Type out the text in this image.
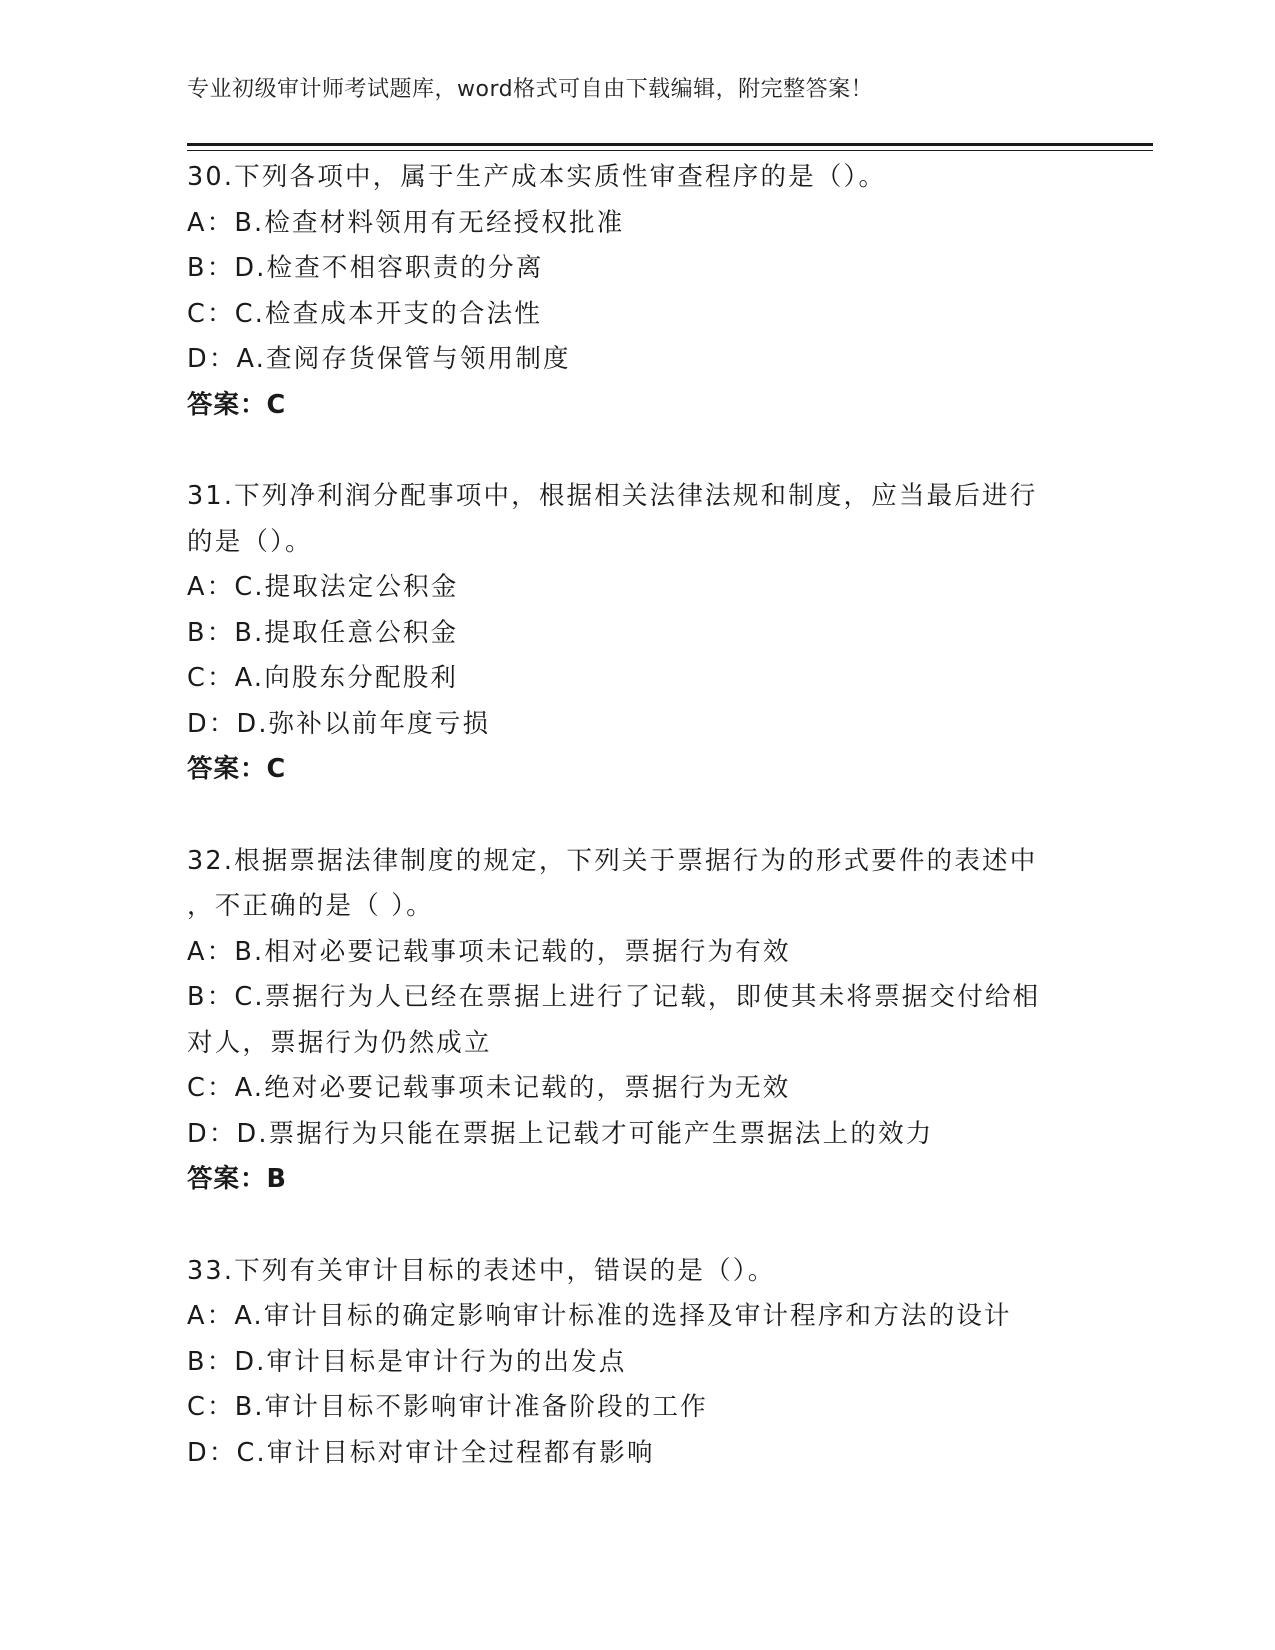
专业初级审计师考试题库，word格式可自由下载编辑，附完整答案！
30.下列各项中，属于生产成本实质性审查程序的是（）。
A：B.检查材料领用有无经授权批准
B：D.检查不相容职责的分离
C：C.检查成本开支的合法性
D：A.查阅存货保管与领用制度
答案：C
31.下列净利润分配事项中，根据相关法律法规和制度，应当最后进行
的是（）。
A：C.提取法定公积金
B：B.提取任意公积金
C：A.向股东分配股利
D：D.弥补以前年度亏损
答案：C
32.根据票据法律制度的规定，下列关于票据行为的形式要件的表述中
，不正确的是（ ）。
A：B.相对必要记载事项未记载的，票据行为有效
B：C.票据行为人已经在票据上进行了记载，即使其未将票据交付给相
对人，票据行为仍然成立
C：A.绝对必要记载事项未记载的，票据行为无效
D：D.票据行为只能在票据上记载才可能产生票据法上的效力
答案：B
33.下列有关审计目标的表述中，错误的是（）。
A：A.审计目标的确定影响审计标准的选择及审计程序和方法的设计
B：D.审计目标是审计行为的出发点
C：B.审计目标不影响审计准备阶段的工作
D：C.审计目标对审计全过程都有影响
